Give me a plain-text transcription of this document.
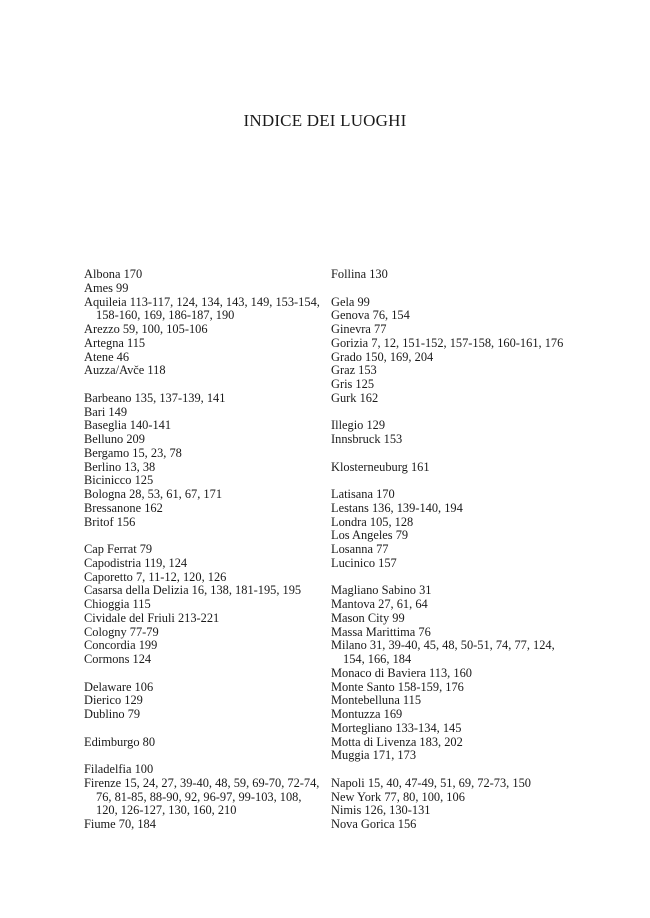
INDICE DEI LUOGHI
Albona 170
Ames 99
Aquileia 113-117, 124, 134, 143, 149, 153-154, 158-160, 169, 186-187, 190
Arezzo 59, 100, 105-106
Artegna 115
Atene 46
Auzza/Avče 118
Barbeano 135, 137-139, 141
Bari 149
Baseglia 140-141
Belluno 209
Bergamo 15, 23, 78
Berlino 13, 38
Bicinicco 125
Bologna 28, 53, 61, 67, 171
Bressanone 162
Britof 156
Cap Ferrat 79
Capodistria 119, 124
Caporetto 7, 11-12, 120, 126
Casarsa della Delizia 16, 138, 181-195, 195
Chioggia 115
Cividale del Friuli 213-221
Cologny 77-79
Concordia 199
Cormons 124
Delaware 106
Dierico 129
Dublino 79
Edimburgo 80
Filadelfia 100
Firenze 15, 24, 27, 39-40, 48, 59, 69-70, 72-74, 76, 81-85, 88-90, 92, 96-97, 99-103, 108, 120, 126-127, 130, 160, 210
Fiume 70, 184
Follina 130
Gela 99
Genova 76, 154
Ginevra 77
Gorizia 7, 12, 151-152, 157-158, 160-161, 176
Grado 150, 169, 204
Graz 153
Gris 125
Gurk 162
Illegio 129
Innsbruck 153
Klosterneuburg 161
Latisana 170
Lestans 136, 139-140, 194
Londra 105, 128
Los Angeles 79
Losanna 77
Lucinico 157
Magliano Sabino 31
Mantova 27, 61, 64
Mason City 99
Massa Marittima 76
Milano 31, 39-40, 45, 48, 50-51, 74, 77, 124, 154, 166, 184
Monaco di Baviera 113, 160
Monte Santo 158-159, 176
Montebelluna 115
Montuzza 169
Mortegliano 133-134, 145
Motta di Livenza 183, 202
Muggia 171, 173
Napoli 15, 40, 47-49, 51, 69, 72-73, 150
New York 77, 80, 100, 106
Nimis 126, 130-131
Nova Gorica 156
